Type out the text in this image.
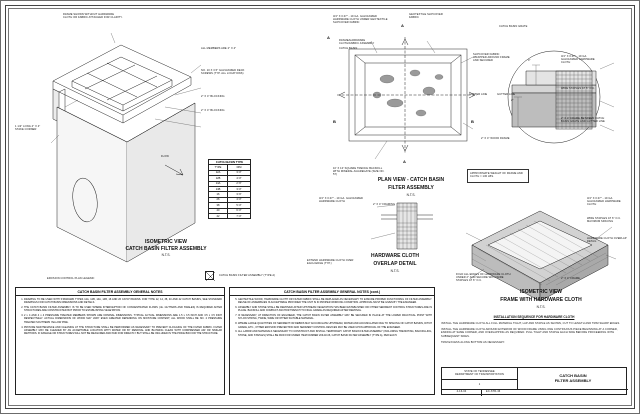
FRAME SHOWN WITHOUT HARDWARE CLOTH OR FABRIC ATTACHED FOR CLARITY.
ALL MEMBERS ARE 2" X 4"
NO. 10 X 3.5" GALVANIZED DECK SCREWS (TYP. ALL LOCATIONS)
2" X 4" BLOCKING
2" X 4" BLOCKING
1 1/2" LONG 4" X 4" STAKE CORNER
FLOW
ISOMETRIC VIEW
CATCH BASIN FILTER ASSEMBLY
N.T.S.
EROSION CONTROL PLAN LEGEND:
CATCH BASIN FILTER ASSEMBLY (TYPE A)
CATCH BASIN TYPE	
TYPE	DIM
12A	3'-0"
12B	4'-0"
14A	2'-6"
14B	3'-0"
16	3'-6"
26	4'-0"
38	5'-0"
40	6'-0"
42	7'-0"
A
A
B	B
A
3/4" X 0.07" - 19 GA. GALVANIZED HARDWARE CLOTH UNDER GEOTEXTILE SLIPCOVER FABRIC
GEOTEXTILE SLIPCOVER FABRIC
SLIPCOVER FABRIC WRAPPED AROUND FRAME AND SECURED
10' X 10' SQUARE TRENCH BACKFILL WITH MINERAL AGGREGATE (SIZE NO. 57)
FRAME/HARDWARE CLOTH/FABRIC ASSEMBLY
CATCH BASIN
2" X 4" WOOD FRAME
GUTTER LINE
PLAN VIEW - CATCH BASIN
FILTER ASSEMBLY
N.T.S.
CATCH BASIN GRATE
WIRE STAPLES AT 6" O.C.
2" X 4" FRAME BETWEEN CATCH BASIN GRATE AND GUTTER LINE
GUTTER LINE
3/4" X 0.07" - 19 GA. GALVANIZED HARDWARE CLOTH
4"
2"
3/4" X 0.07" - 19 GA. GALVANIZED HARDWARE CLOTH
2" X 4" FRAMING
EXTEND HARDWARE CLOTH OVER EACH EDGE (TYP.)
HARDWARE CLOTH
OVERLAP DETAIL
N.T.S.
APPROXIMATE WEIGHT OF FRAME AND CLOTH = 130 LBS.
3/4" X 0.07" - 19 GA. GALVANIZED HARDWARE CLOTH
WIRE STAPLES AT 6" O.C. MAXIMUM SPACING
HARDWARE CLOTH OVERLAP DETAIL
FOLD ALL EDGES OF HARDWARE CLOTH UNDER 2" AND SECURE WITH WIRE STAPLES AT 6" O.C.
2" X 4" FRAME
ISOMETRIC VIEW
FRAME WITH HARDWARE CLOTH
N.T.S.
CATCH BASIN FILTER ASSEMBLY GENERAL NOTES
1. DRAWING TO BE USED WITH STANDARD TYPES 12A, 12B, 14A, 14B, 16 AND 26 CATCH BASINS. FOR TYPE 12, 14, 38, 40 AND 42 CATCH BASINS, SEE STANDARD DRAWINGS FOR CATCH BASIN DIMENSIONS AND DETAILS.
2. THE CATCH BASIN FILTER ASSEMBLY IS TO BE USED WHERE INTERCEPTION OF CONCENTRATED FLOWS (I.E. GUTTERS AND SWALES) IS REQUIRED AFTER STRUCTURES ARE CONSTRUCTED BUT PRIOR TO ESTABLISHING VEGETATION.
3. 2 x 4 AND 4 x 4 PRESSURE TREATED MEMBERS SHOWN ARE NOMINAL DIMENSIONS. TYPICAL ACTUAL DIMENSIONS ARE 1.5 x 3.5 INCH AND 3.5 x 3.5 INCH RESPECTIVELY. ACTUAL DIMENSIONS OF WOOD MAY VARY EVEN GREATER DEPENDING ON MOISTURE CONTENT; ALL WOOD SHALL BE NO. 2 PRESSURE TREATED SOUTHERN YELLOW PINE.
4. PROVIDE MAINTENANCE AND CLEANING AT THE STRUCTURE SHALL BE PERFORMED AS NECESSARY TO PREVENT CLOGGING OF THE FILTER FABRIC. FILTER ASSEMBLY MAY BE CLEANED BY AN ACCEPTABLE LOCATION WITH WATER OR BY REMOVAL AND BLOWING CLEAN WITH COMPRESSED AIR OR SIMILAR METHODS. IF DAMAGE OR STRUCTURES WILL NOT BE MEASURED AND PAID FOR DIRECTLY BUT SHALL BE INCLUDED IN THE PRICE BID FOR THE STRUCTURE.
CATCH BASIN FILTER ASSEMBLY GENERAL NOTES (cont.)
5. GEOTEXTILE WOOD, HARDWARE CLOTH OR FILTER FABRIC SHALL BE REPLACED AS NECESSARY TO ENSURE PROPER FUNCTIONING OF FILTER ASSEMBLY. REUSE OF ASSEMBLIES IS ACCEPTABLE PROVIDED THE UNIT IS IN PROPER WORKING CONDITION. APPROVAL MUST BE GIVEN BY THE ENGINEER.
6. ASSEMBLY AND STONE SHALL BE REMOVED AFTER UPSTREAM VEGETATION HAS BEEN ESTABLISHED OR OTHER SEDIMENT CONTROL STRUCTURES ARE IN PLACE. BACKFILL AND COMPACT ANCHOR TRENCH TO FINAL GRADE AS REQUIRED AFTER REMOVAL.
7. IF NECESSARY, AT DIRECTION OF ENGINEER, THE CATCH BASIN FILTER ASSEMBLY MAY BE SECURED IN PLACE AT THE LOWER FRACTICAL POINT WITH NYLON STRING, TWINE, WIRE OR OTHER SUITABLE MATERIAL.
8. WHERE LARGE QUANTITIES OF SEDIMENT OR DEBRIS MAY ACCUMULATE UPSTREAM, WATER AND ACCUMULATED DUE TO SPACING OF CATCH BASINS, DITCH GRADE, ETC., OTHER EROSION PREVENTION AND SEDIMENT CONTROL DEVICES MAY BE USED UPON APPROVAL OF THE ENGINEER.
9. ALL LABOR AND MATERIALS NECESSARY TO CONSTRUCT AND INSTALL TEMPORARY CATCH BASIN FILTER ASSEMBLY (INCLUDING TRENCHING, BACKFILLING, STONE, AND STAPLES) SHALL BE PAID FOR UNDER ITEM NUMBER 209-40.06, CATCH BASIN FILTER ASSEMBLY (TYPE A), PER EACH.
INSTALLATION SEQUENCE FOR HARDWARE CLOTH
INSTALL THE HARDWARE CLOTH ALL FULL MATERIAL TIGHT, LAP AND STAPLE AS SHOWN, CUT TO LENGTH AND TRIM SHARP EDGES.
INSTALL THE HARDWARE CLOTH AROUND EXTERIOR OF WOOD FRAME USING ONE CONTINUOUS PIECE BEGINNING AT A CORNER, ENDING AT SAME CORNER, AND OVERLAPPING AS REQUIRED. PULL TIGHT AND STAPLE EACH SIDE BEFORE PROCEEDING WITH SUBSEQUENT SIDES.
TRIM EXCESS ALONG BOTTOM AS NECESSARY.
STATE OF TENNESSEE
DEPARTMENT OF TRANSPORTATION	CATCH BASIN
FILTER ASSEMBLY
1
4-16-04	EC-STR-46
